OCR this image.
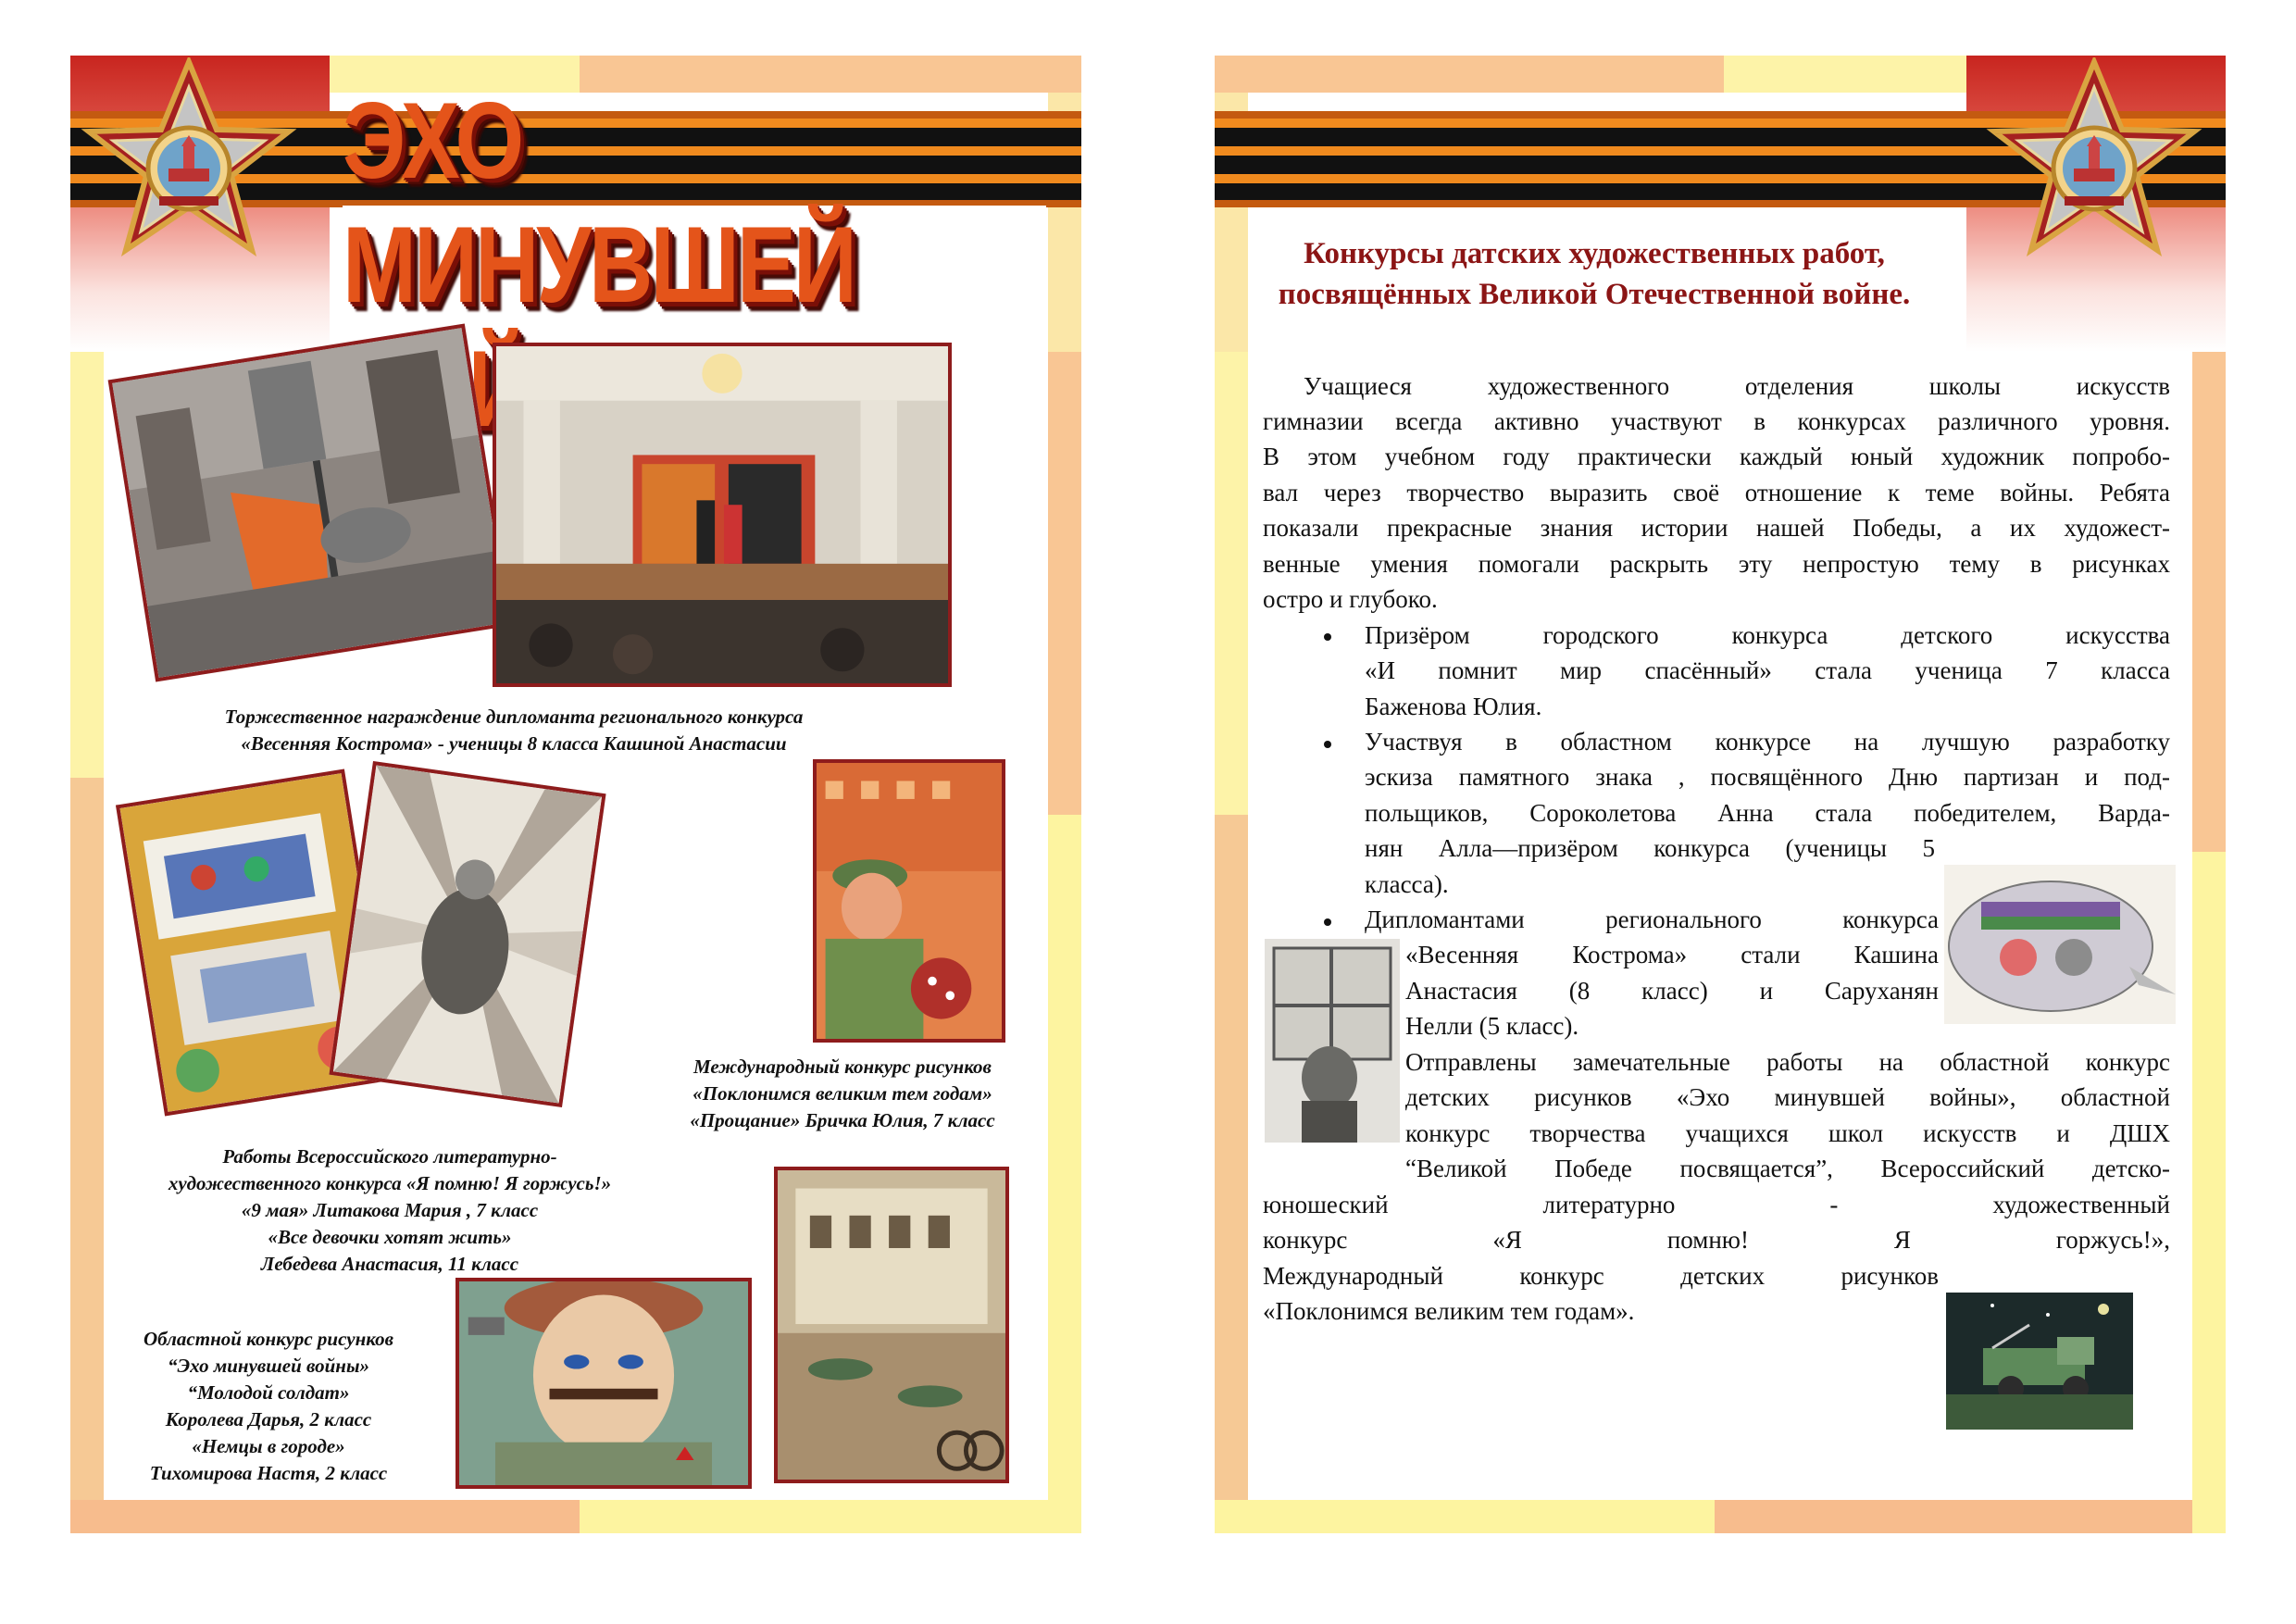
ЭХО МИНУВШЕЙ
Торжественное награждение дипломанта регионального конкурса
«Весенняя Кострома» - ученицы 8 класса Кашиной Анастасии
Международный конкурс рисунков
«Поклонимся великим тем годам»
«Прощание» Бричка Юлия, 7 класс
Работы Всероссийского литературно-
художественного конкурса «Я помню! Я горжусь!»
«9 мая» Литакова Мария , 7 класс
«Все девочки хотят жить»
Лебедева Анастасия, 11 класс
Областной конкурс рисунков
“Эхо минувшей войны»
“Молодой солдат»
Королева Дарья, 2 класс
«Немцы в городе»
Тихомирова Настя, 2 класс
Конкурсы датских художественных работ,
посвящённых Великой Отечественной войне.
Учащиеся художественного отделения школы искусств
гимназии всегда активно участвуют в конкурсах различного уровня.
В этом учебном году практически каждый юный художник попробо-
вал через творчество выразить своё отношение к теме войны. Ребята
показали прекрасные знания истории нашей Победы, а их художест-
венные умения помогали раскрыть эту непростую тему в рисунках
остро и глубоко.
Призёром городского конкурса детского искусства
«И помнит мир спасённый» стала ученица 7 класса
Баженова Юлия.
Участвуя в областном конкурсе на лучшую разработку
эскиза памятного знака , посвящённого Дню партизан и под-
польщиков, Сороколетова Анна стала победителем, Варда-
нян Алла—призёром конкурса (ученицы 5
класса).
Дипломантами регионального конкурса
«Весенняя Кострома» стали Кашина
Анастасия (8 класс) и Саруханян
Нелли (5 класс).
Отправлены замечательные работы на областной конкурс
детских рисунков «Эхо минувшей войны», областной
конкурс творчества учащихся школ искусств и ДШХ
“Великой Победе посвящается”, Всероссийский детско-
юношеский литературно - художественный
конкурс «Я помню! Я горжусь!»,
Международный конкурс детских рисунков
«Поклонимся великим тем годам».
